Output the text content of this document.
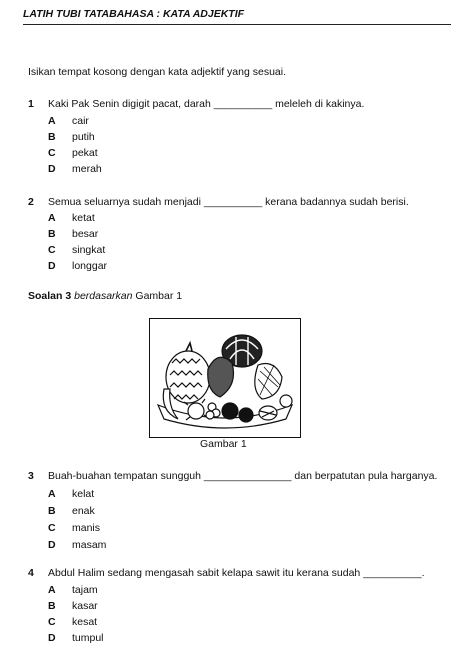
LATIH TUBI TATABAHASA : KATA ADJEKTIF
Isikan tempat kosong dengan kata adjektif yang sesuai.
1 Kaki Pak Senin digigit pacat, darah __________ meleleh di kakinya.
A cair
B putih
C pekat
D merah
2 Semua seluarnya sudah menjadi __________ kerana badannya sudah berisi.
A ketat
B besar
C singkat
D longgar
Soalan 3 berdasarkan Gambar 1
Gambar 1
3 Buah-buahan tempatan sungguh _______________ dan berpatutan pula harganya.
A kelat
B enak
C manis
D masam
4 Abdul Halim sedang mengasah sabit kelapa sawit itu kerana sudah __________.
A tajam
B kasar
C kesat
D tumpul
